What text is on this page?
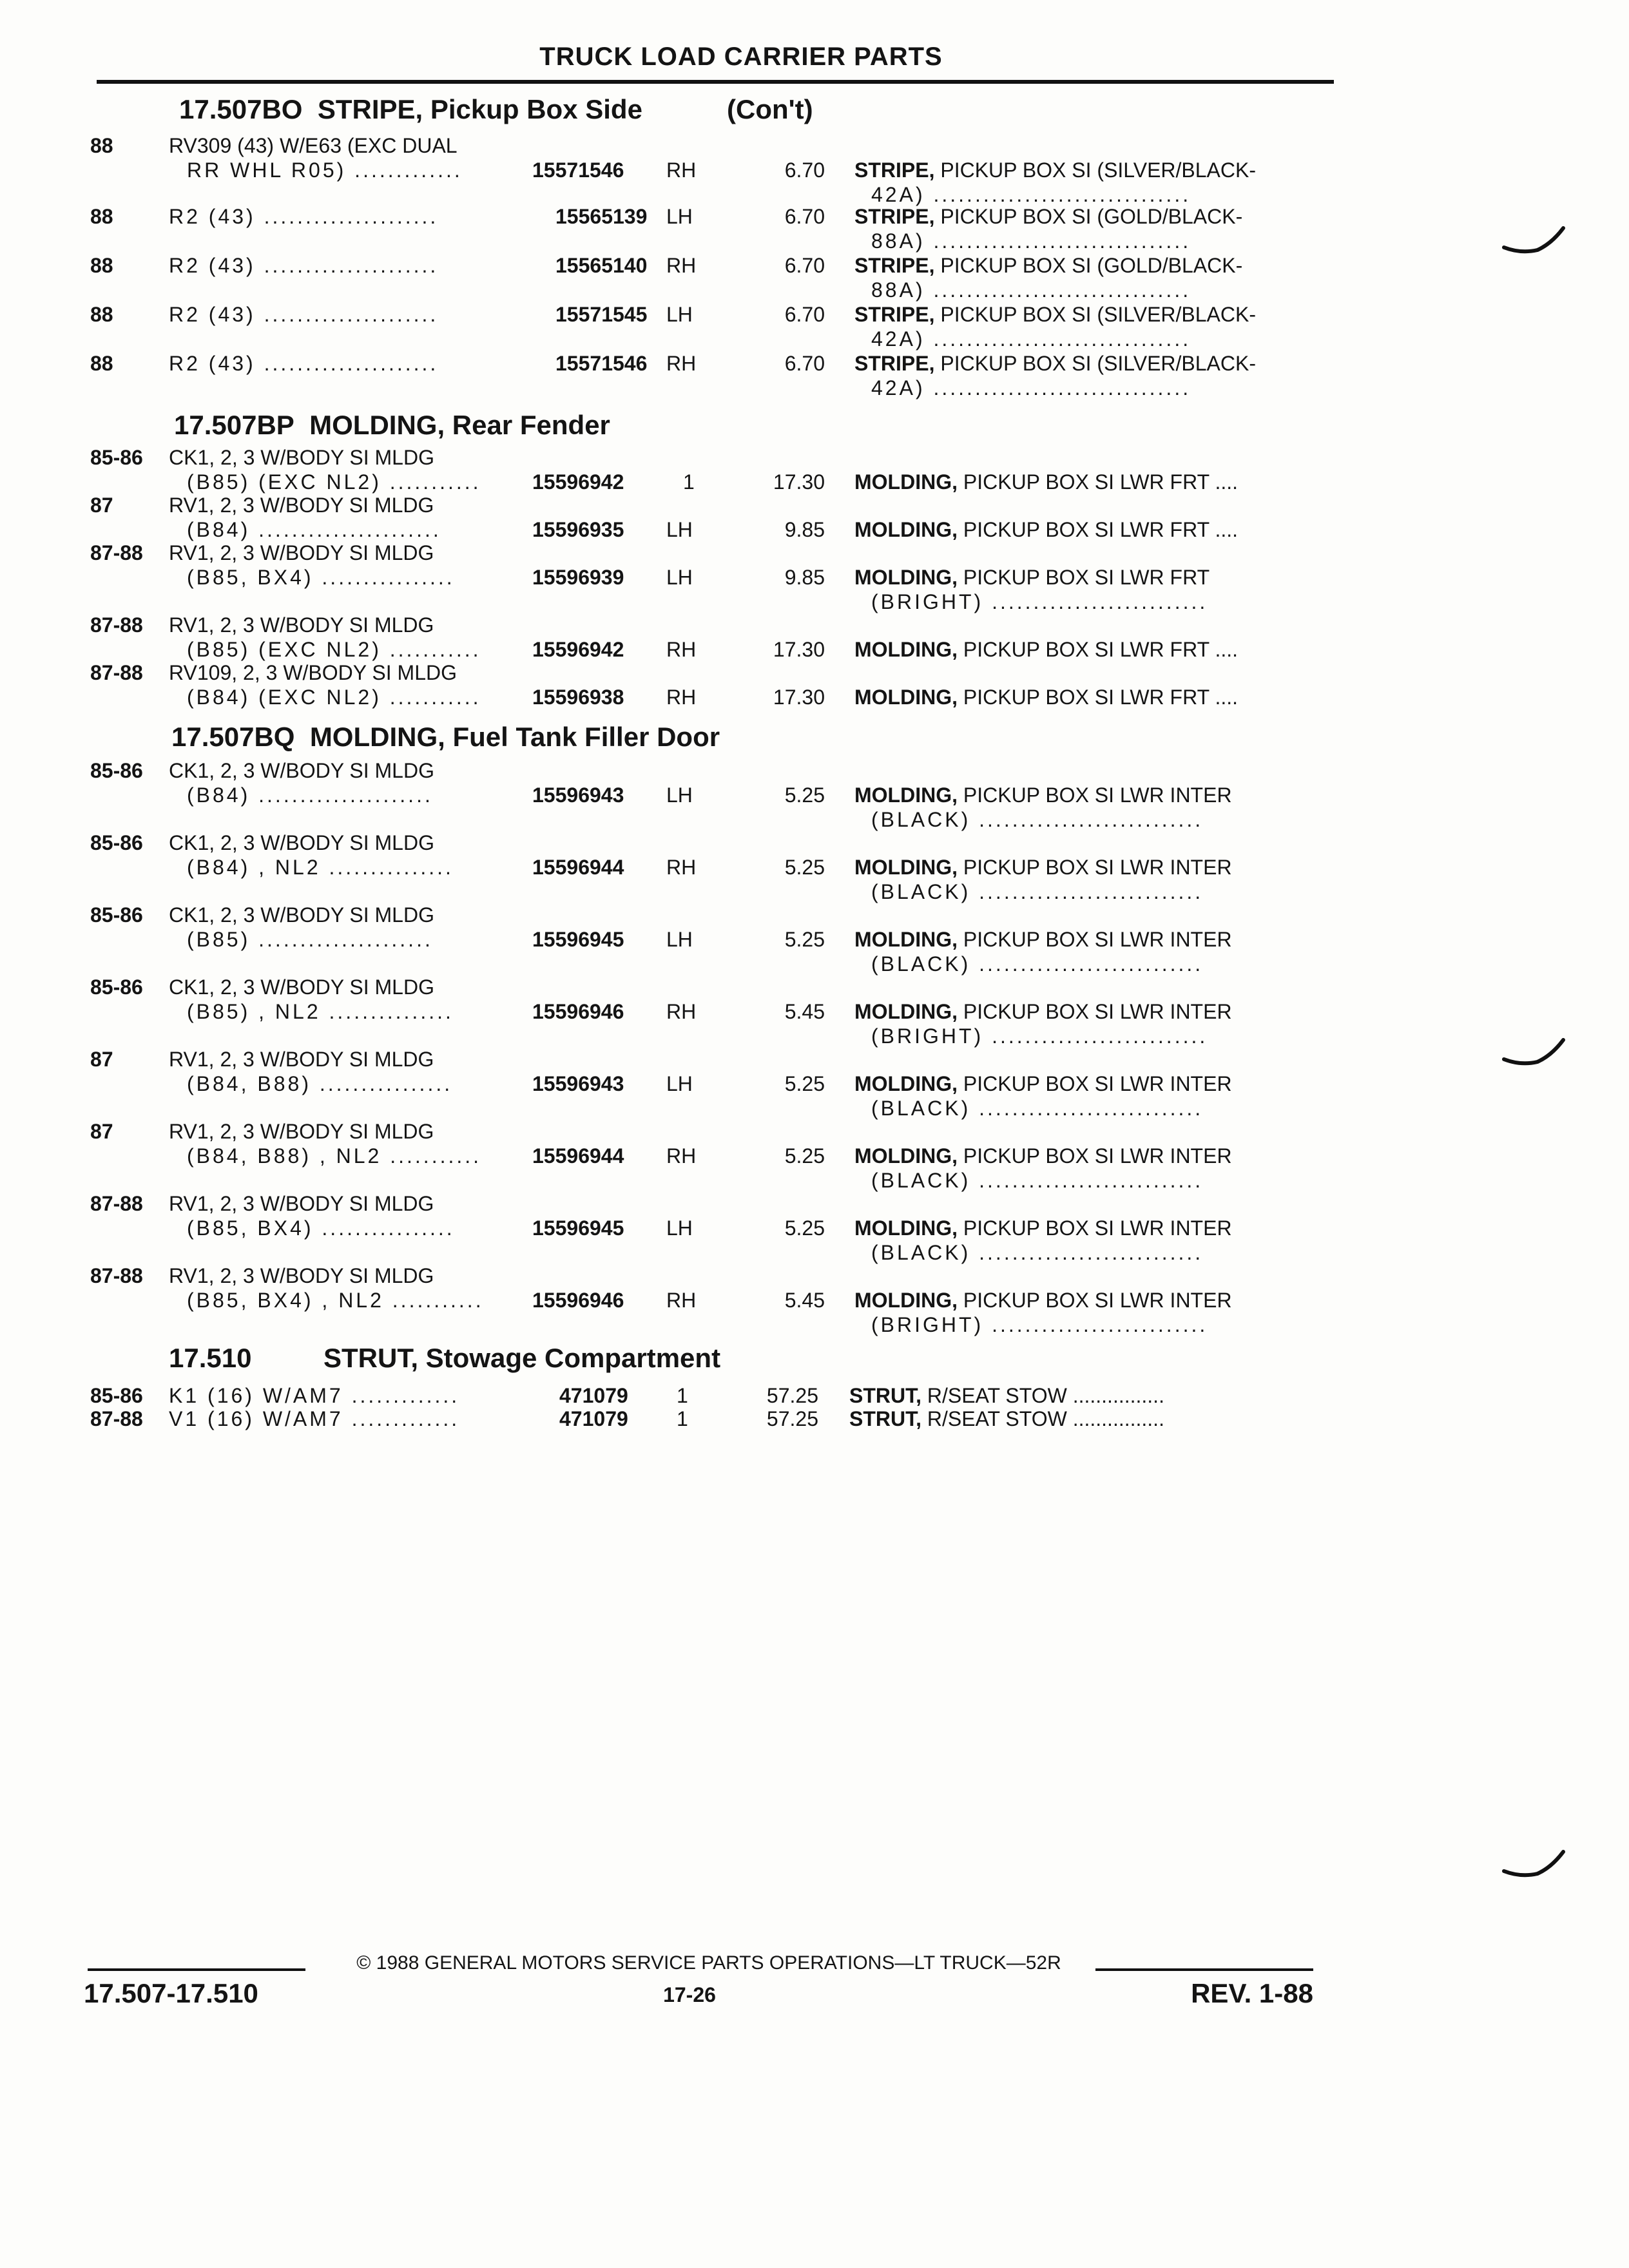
TRUCK LOAD CARRIER PARTS
17.507BO STRIPE, Pickup Box Side	(Con't)
88	RV309 (43) W/E63 (EXC DUAL
RR WHL R05) .............	15571546 RH	6.70 STRIPE, PICKUP BOX SI (SILVER/BLACK-
42A) ...............................
88	R2 (43) .....................	15565139 LH	6.70 STRIPE, PICKUP BOX SI (GOLD/BLACK-
88A) ...............................
88	R2 (43) .....................	15565140 RH	6.70 STRIPE, PICKUP BOX SI (GOLD/BLACK-
88A) ...............................
88	R2 (43) .....................	15571545 LH	6.70 STRIPE, PICKUP BOX SI (SILVER/BLACK-
42A) ...............................
88	R2 (43) .....................	15571546 RH	6.70 STRIPE, PICKUP BOX SI (SILVER/BLACK-
42A) ...............................
17.507BP MOLDING, Rear Fender
85-86 CK1, 2, 3 W/BODY SI MLDG
(B85) (EXC NL2) ...........	15596942	1	17.30 MOLDING, PICKUP BOX SI LWR FRT ....
87	RV1, 2, 3 W/BODY SI MLDG
(B84) ......................	15596935 LH	9.85 MOLDING, PICKUP BOX SI LWR FRT ....
87-88 RV1, 2, 3 W/BODY SI MLDG
(B85, BX4) ................	15596939 LH	9.85 MOLDING, PICKUP BOX SI LWR FRT
(BRIGHT) ..........................
87-88 RV1, 2, 3 W/BODY SI MLDG
(B85) (EXC NL2) ...........	15596942 RH	17.30 MOLDING, PICKUP BOX SI LWR FRT ....
87-88 RV109, 2, 3 W/BODY SI MLDG
(B84) (EXC NL2) ...........	15596938 RH	17.30 MOLDING, PICKUP BOX SI LWR FRT ....
17.507BQ MOLDING, Fuel Tank Filler Door
85-86 CK1, 2, 3 W/BODY SI MLDG
(B84) .....................	15596943 LH	5.25 MOLDING, PICKUP BOX SI LWR INTER
(BLACK) ...........................
85-86 CK1, 2, 3 W/BODY SI MLDG
(B84) , NL2 ...............	15596944 RH	5.25 MOLDING, PICKUP BOX SI LWR INTER
(BLACK) ...........................
85-86 CK1, 2, 3 W/BODY SI MLDG
(B85) .....................	15596945 LH	5.25 MOLDING, PICKUP BOX SI LWR INTER
(BLACK) ...........................
85-86 CK1, 2, 3 W/BODY SI MLDG
(B85) , NL2 ...............	15596946 RH	5.45 MOLDING, PICKUP BOX SI LWR INTER
(BRIGHT) ..........................
87	RV1, 2, 3 W/BODY SI MLDG
(B84, B88) ................	15596943 LH	5.25 MOLDING, PICKUP BOX SI LWR INTER
(BLACK) ...........................
87	RV1, 2, 3 W/BODY SI MLDG
(B84, B88) , NL2 ...........	15596944 RH	5.25 MOLDING, PICKUP BOX SI LWR INTER
(BLACK) ...........................
87-88 RV1, 2, 3 W/BODY SI MLDG
(B85, BX4) ................	15596945 LH	5.25 MOLDING, PICKUP BOX SI LWR INTER
(BLACK) ...........................
87-88 RV1, 2, 3 W/BODY SI MLDG
(B85, BX4) , NL2 ...........	15596946 RH	5.45 MOLDING, PICKUP BOX SI LWR INTER
(BRIGHT) ..........................
17.510	STRUT, Stowage Compartment
85-86 K1 (16) W/AM7 .............	471079 1	57.25 STRUT, R/SEAT STOW ................
87-88 V1 (16) W/AM7 .............	471079 1	57.25 STRUT, R/SEAT STOW ................
© 1988 GENERAL MOTORS SERVICE PARTS OPERATIONS—LT TRUCK—52R
17.507-17.510	17-26	REV. 1-88
